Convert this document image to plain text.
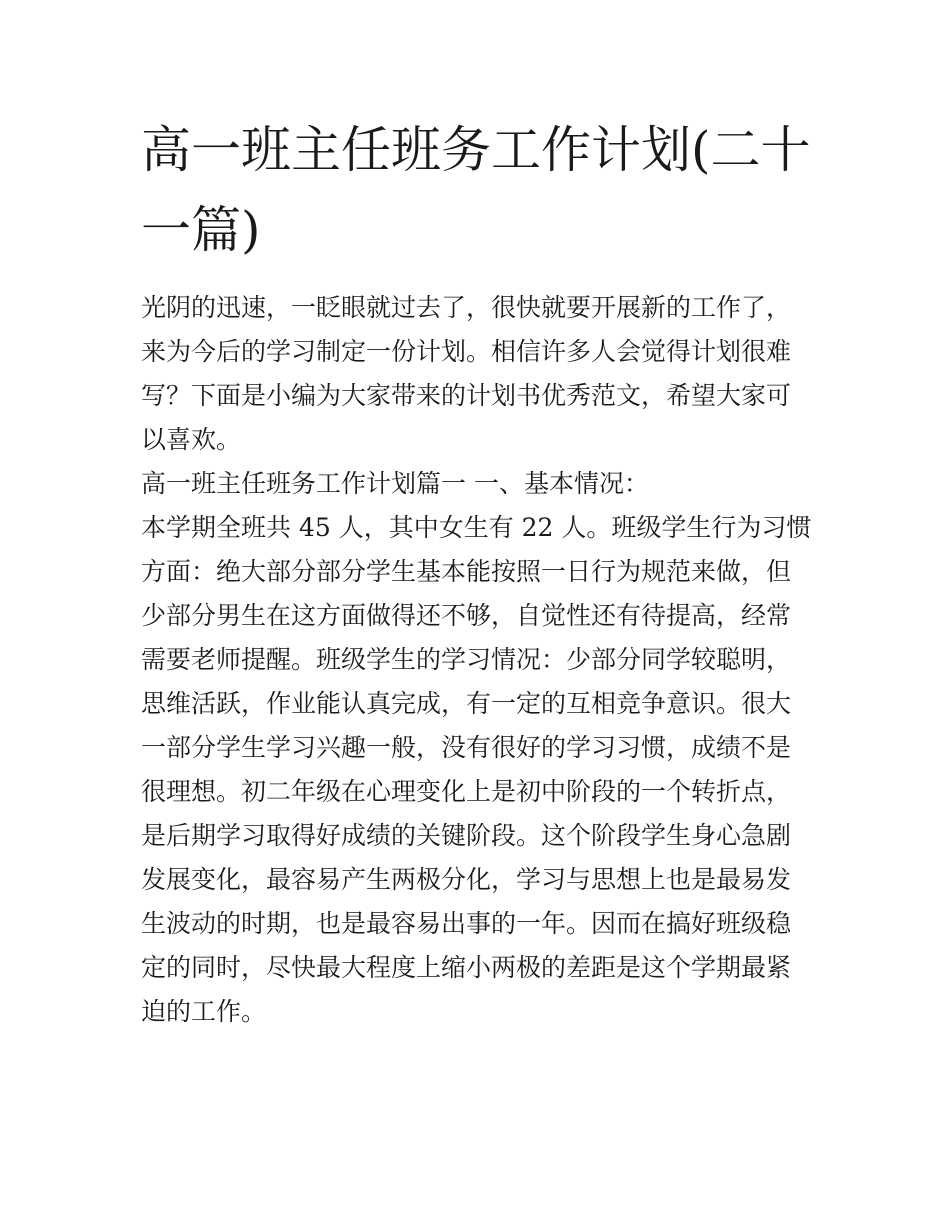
高一班主任班务工作计划(二十一篇)

光阴的迅速，一眨眼就过去了，很快就要开展新的工作了，来为今后的学习制定一份计划。相信许多人会觉得计划很难写？下面是小编为大家带来的计划书优秀范文，希望大家可以喜欢。

高一班主任班务工作计划篇一 一、基本情况：

本学期全班共 45 人，其中女生有 22 人。班级学生行为习惯方面：绝大部分部分学生基本能按照一日行为规范来做，但少部分男生在这方面做得还不够，自觉性还有待提高，经常需要老师提醒。班级学生的学习情况：少部分同学较聪明，思维活跃，作业能认真完成，有一定的互相竞争意识。很大一部分学生学习兴趣一般，没有很好的学习习惯，成绩不是很理想。初二年级在心理变化上是初中阶段的一个转折点，是后期学习取得好成绩的关键阶段。这个阶段学生身心急剧发展变化，最容易产生两极分化，学习与思想上也是最易发生波动的时期，也是最容易出事的一年。因而在搞好班级稳定的同时，尽快最大程度上缩小两极的差距是这个学期最紧迫的工作。
